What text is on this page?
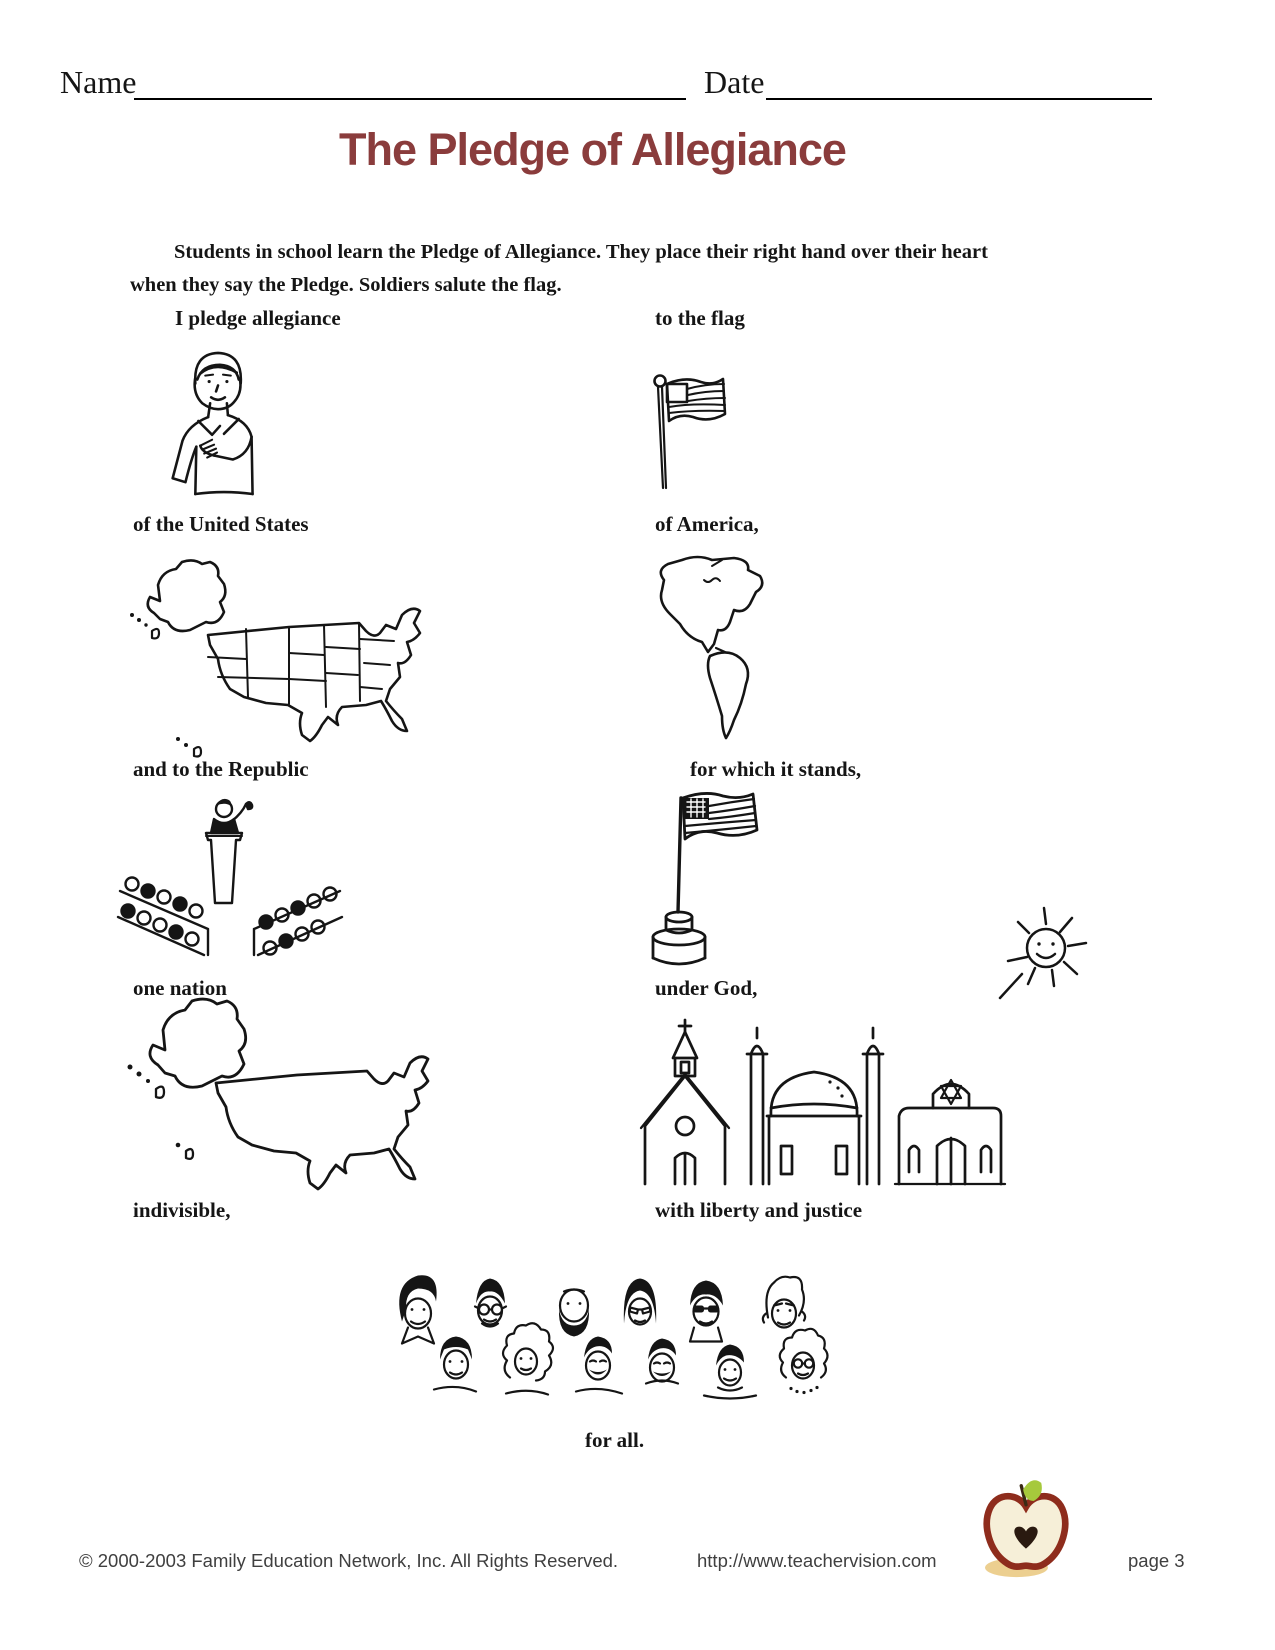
Name	Date
The Pledge of Allegiance
Students in school learn the Pledge of Allegiance. They place their right hand over their heart
when they say the Pledge. Soldiers salute the flag.
I pledge allegiance	to the flag
of the United States	of America,
and to the Republic	for which it stands,
one nation	under God,
indivisible,	with liberty and justice
for all.
© 2000-2003 Family Education Network, Inc. All Rights Reserved.	http://www.teachervision.com	page 3
